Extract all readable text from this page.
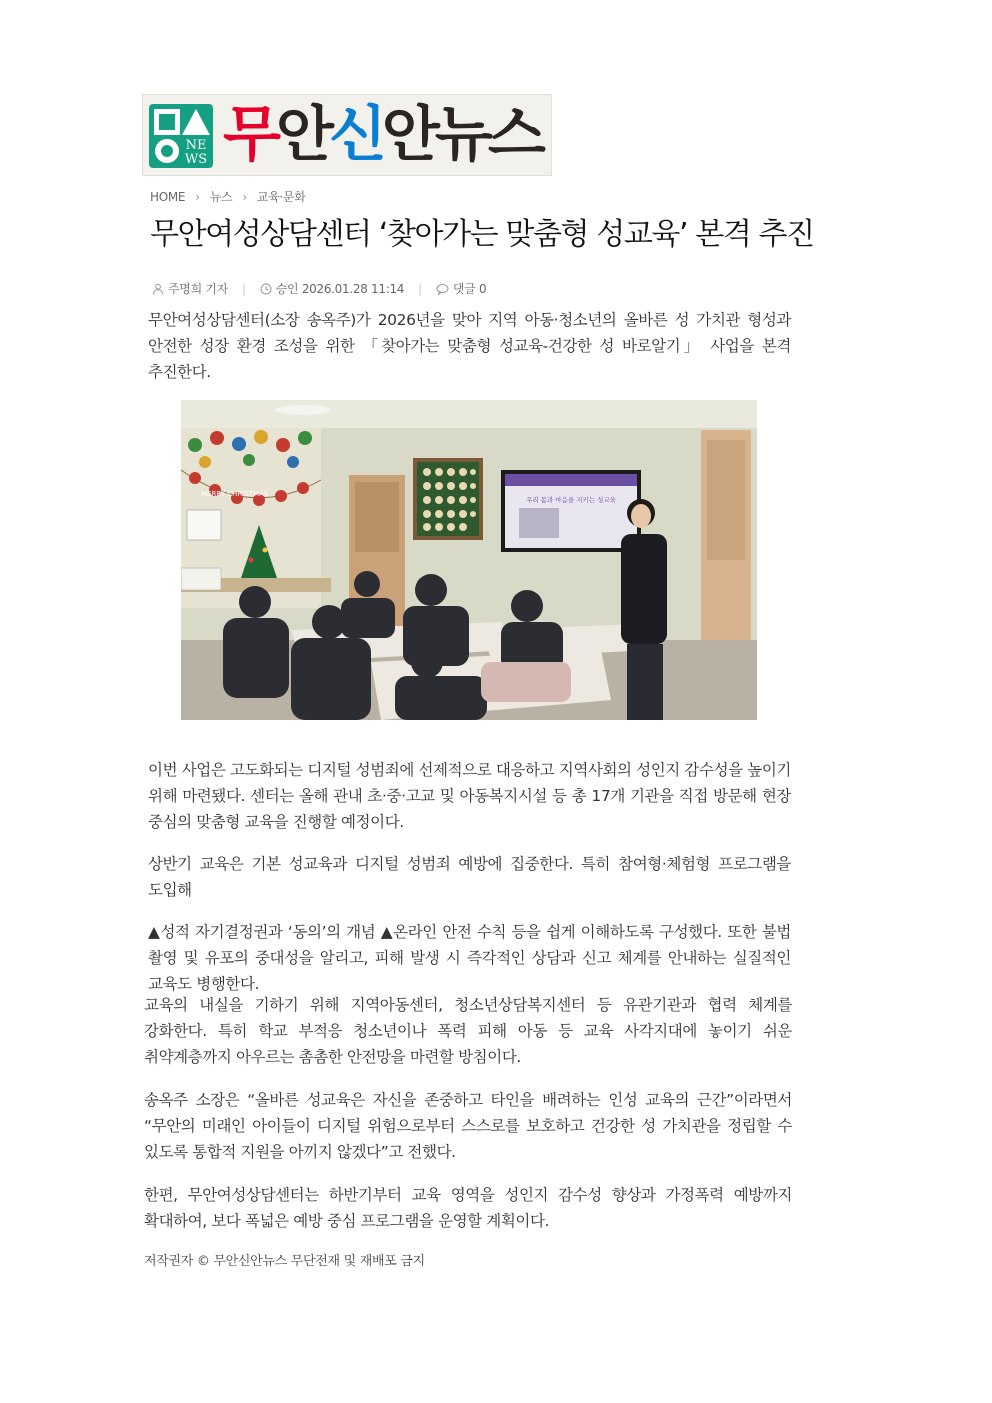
NE
WS 무안신안뉴스
HOME › 뉴스 › 교육·문화
무안여성상담센터 ‘찾아가는 맞춤형 성교육’ 본격 추진
주명희 기자 |	승인 2026.01.28 11:14 |	댓글 0

무안여성상담센터(소장 송옥주)가 2026년을 맞아 지역 아동·청소년의 올바른 성 가치관 형성과 안전한 성장 환경 조성을 위한 「찾아가는 맞춤형 성교육-건강한 성 바로알기」 사업을 본격 추진한다.

MERRY CHRISTMAS
우리 몸과 마음을 지키는 성교육

이번 사업은 고도화되는 디지털 성범죄에 선제적으로 대응하고 지역사회의 성인지 감수성을 높이기 위해 마련됐다. 센터는 올해 관내 초·중·고교 및 아동복지시설 등 총 17개 기관을 직접 방문해 현장 중심의 맞춤형 교육을 진행할 예정이다.

상반기 교육은 기본 성교육과 디지털 성범죄 예방에 집중한다. 특히 참여형·체험형 프로그램을 도입해

▲성적 자기결정권과 ‘동의’의 개념 ▲온라인 안전 수칙 등을 쉽게 이해하도록 구성했다. 또한 불법 촬영 및 유포의 중대성을 알리고, 피해 발생 시 즉각적인 상담과 신고 체계를 안내하는 실질적인 교육도 병행한다.

교육의 내실을 기하기 위해 지역아동센터, 청소년상담복지센터 등 유관기관과 협력 체계를 강화한다. 특히 학교 부적응 청소년이나 폭력 피해 아동 등 교육 사각지대에 놓이기 쉬운 취약계층까지 아우르는 촘촘한 안전망을 마련할 방침이다.

송옥주 소장은 “올바른 성교육은 자신을 존중하고 타인을 배려하는 인성 교육의 근간”이라면서 “무안의 미래인 아이들이 디지털 위험으로부터 스스로를 보호하고 건강한 성 가치관을 정립할 수 있도록 통합적 지원을 아끼지 않겠다”고 전했다.

한편, 무안여성상담센터는 하반기부터 교육 영역을 성인지 감수성 향상과 가정폭력 예방까지 확대하여, 보다 폭넓은 예방 중심 프로그램을 운영할 계획이다.

저작권자 © 무안신안뉴스 무단전재 및 재배포 금지
